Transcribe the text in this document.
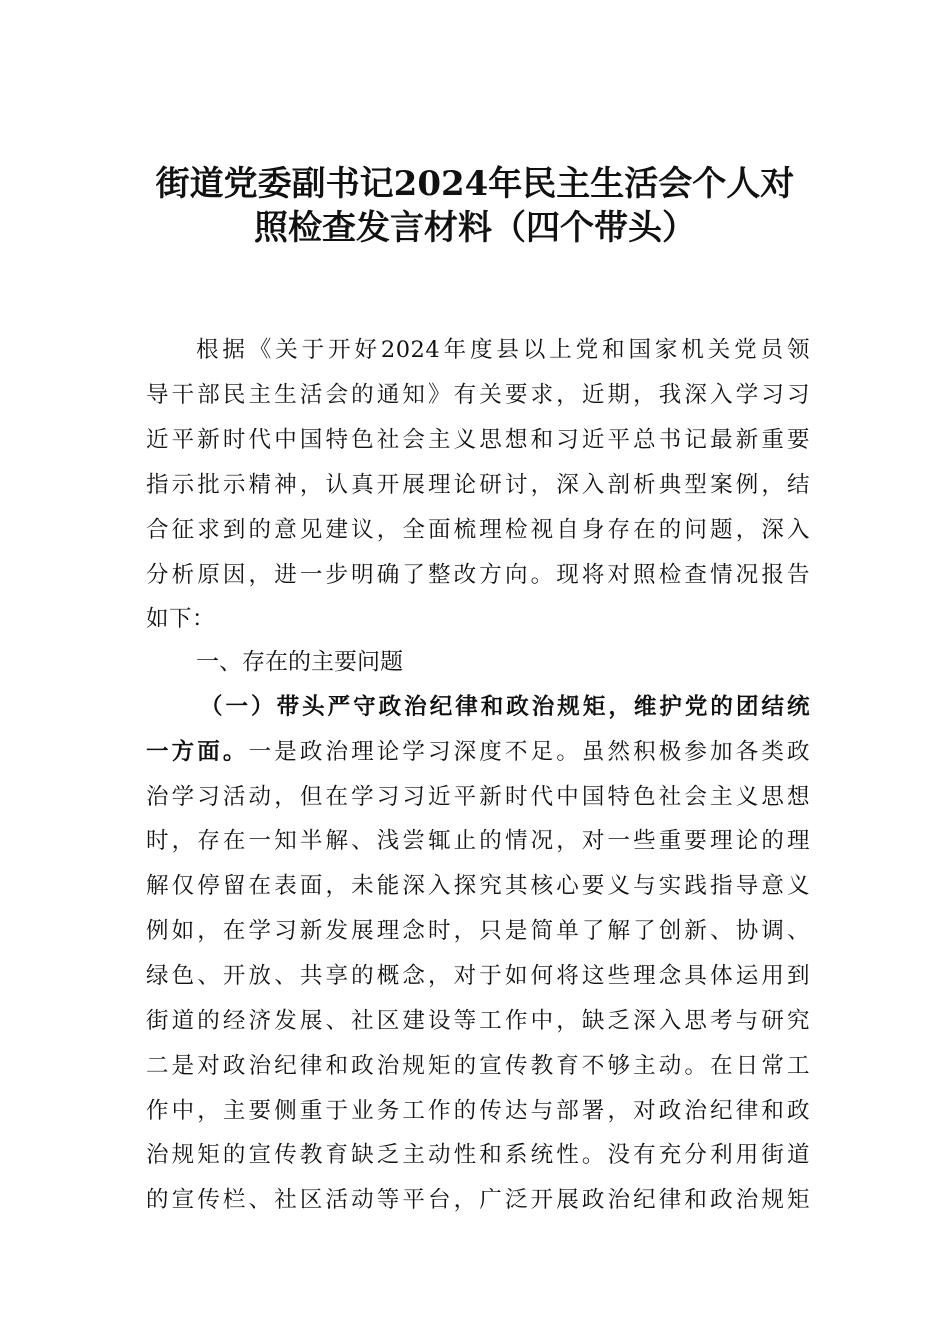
街道党委副书记2024年民主生活会个人对
照检查发言材料（四个带头）
根据《关于开好2024年度县以上党和国家机关党员领
导干部民主生活会的通知》有关要求，近期，我深入学习习
近平新时代中国特色社会主义思想和习近平总书记最新重要
指示批示精神，认真开展理论研讨，深入剖析典型案例，结
合征求到的意见建议，全面梳理检视自身存在的问题，深入
分析原因，进一步明确了整改方向。现将对照检查情况报告
如下：
一、存在的主要问题
（一）带头严守政治纪律和政治规矩，维护党的团结统
一方面。一是政治理论学习深度不足。虽然积极参加各类政
治学习活动，但在学习习近平新时代中国特色社会主义思想
时，存在一知半解、浅尝辄止的情况，对一些重要理论的理
解仅停留在表面，未能深入探究其核心要义与实践指导意义
例如，在学习新发展理念时，只是简单了解了创新、协调、
绿色、开放、共享的概念，对于如何将这些理念具体运用到
街道的经济发展、社区建设等工作中，缺乏深入思考与研究
二是对政治纪律和政治规矩的宣传教育不够主动。在日常工
作中，主要侧重于业务工作的传达与部署，对政治纪律和政
治规矩的宣传教育缺乏主动性和系统性。没有充分利用街道
的宣传栏、社区活动等平台，广泛开展政治纪律和政治规矩
